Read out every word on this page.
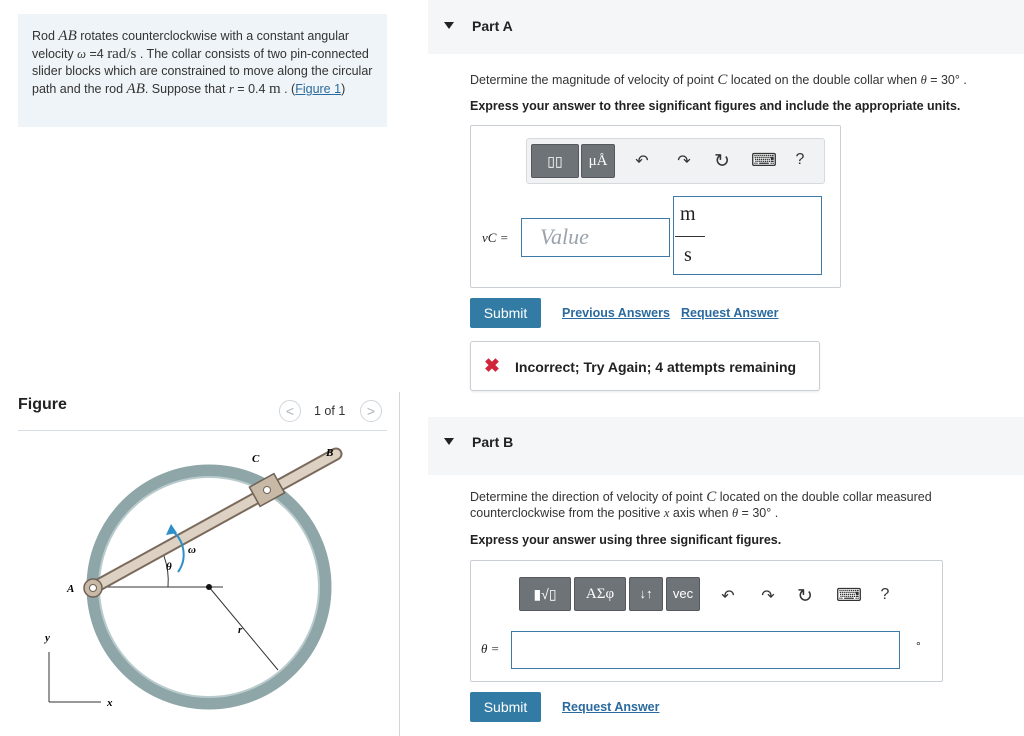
Rod AB rotates counterclockwise with a constant angular velocity ω =4 rad/s . The collar consists of two pin-connected slider blocks which are constrained to move along the circular path and the rod AB. Suppose that r = 0.4 m . (Figure 1)
Figure	<	1 of 1	>
A
B
C
ω
θ
r
x
y
Part A
Determine the magnitude of velocity of point C located on the double collar when θ = 30° .
Express your answer to three significant figures and include the appropriate units.
▯▯	μÅ	↶ ↷ ↻ ⌨	?
vC = Value
m
s
Submit	Previous Answers Request Answer
✖ Incorrect; Try Again; 4 attempts remaining
Part B
Determine the direction of velocity of point C located on the double collar measured counterclockwise from the positive x axis when θ = 30° .
Express your answer using three significant figures.
▮√▯	ΑΣφ	↓↑	vec	↶ ↷ ↻ ⌨	?
θ =	°
Submit	Request Answer
